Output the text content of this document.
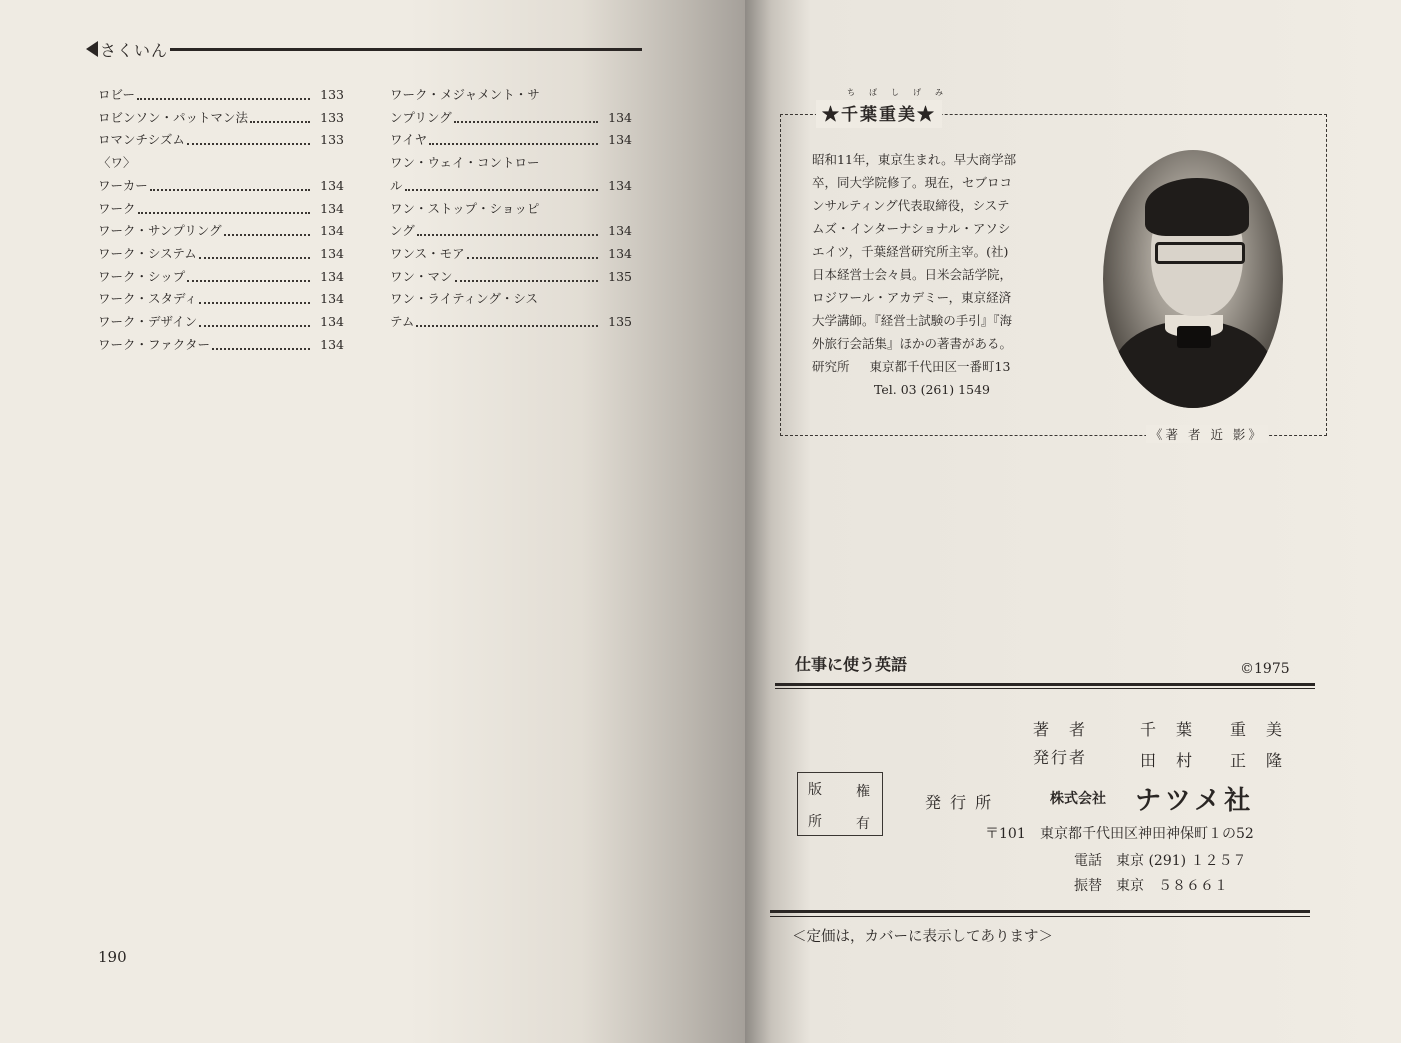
さくいん
ロビー	133
ロビンソン・パットマン法	133
ロマンチシズム	133
〈ワ〉
ワーカー	134
ワーク	134
ワーク・サンプリング	134
ワーク・システム	134
ワーク・シップ	134
ワーク・スタディ	134
ワーク・デザイン	134
ワーク・ファクター	134
ワーク・メジャメント・サ
ンプリング	134
ワイヤ	134
ワン・ウェイ・コントロー
ル	134
ワン・ストップ・ショッピ
ング	134
ワンス・モア	134
ワン・マン	135
ワン・ライティング・シス
テム	135
190
ちばしげみ
★千葉重美★

昭和11年，東京生まれ。早大商学部

卒，同大学院修了。現在，セブロコ

ンサルティング代表取締役，システ

ムズ・インターナショナル・アソシ

エイツ，千葉経営研究所主宰。(社)

日本経営士会々員。日米会話学院，

ロジワール・アカデミー，東京経済

大学講師。『経営士試験の手引』『海

外旅行会話集』ほかの著書がある。

研究所 東京都千代田区一番町13

Tel. 03 (261) 1549

《著 者 近 影》
仕事に使う英語	©1975
著　者	千　葉　　重　美
発行者	田　村　　正　隆
版 権
所 有
発 行 所	株式会社 ナツメ社
〒101 東京都千代田区神田神保町１の52
電話　東京 (291) １２５７
振替　東京　５８６６１
＜定価は，カバーに表示してあります＞
